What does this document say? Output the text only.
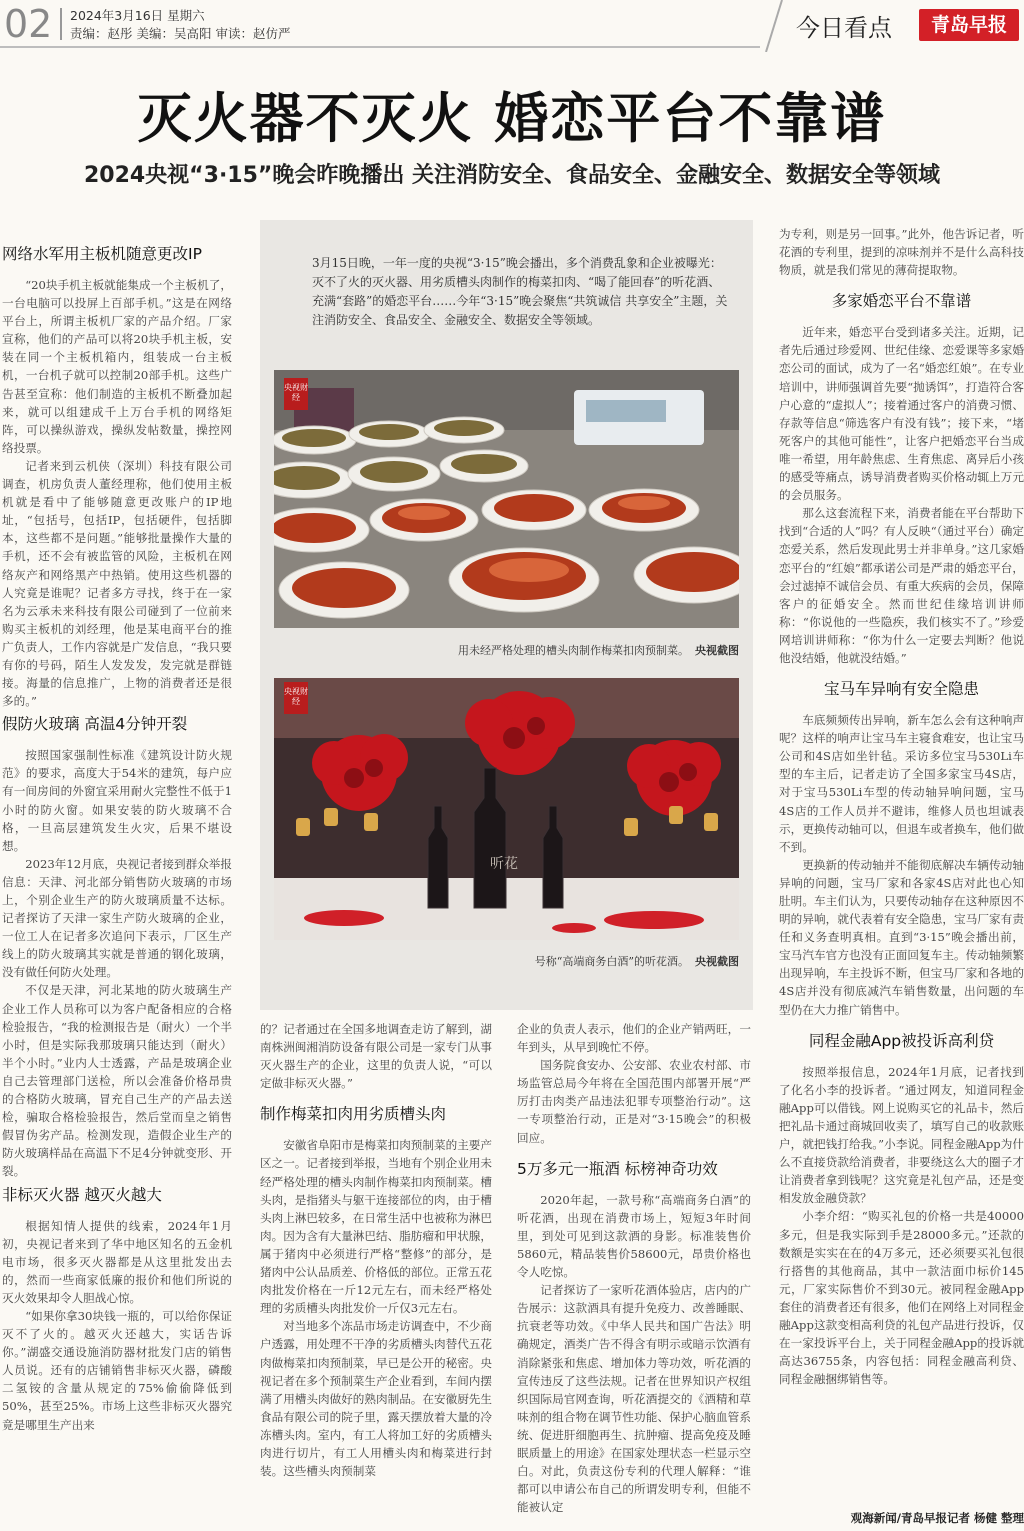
02 2024年3月16日 星期六
责编：赵彤 美编：吴高阳 审读：赵仿严	今日看点	青岛早报
灭火器不灭火 婚恋平台不靠谱
2024央视“3·15”晚会昨晚播出 关注消防安全、食品安全、金融安全、数据安全等领域
网络水军用主板机随意更改IP

“20块手机主板就能集成一个主板机了，一台电脑可以投屏上百部手机。”这是在网络平台上，所谓主板机厂家的产品介绍。厂家宣称，他们的产品可以将20块手机主板，安装在同一个主板机箱内，组装成一台主板机，一台机子就可以控制20部手机。这些广告甚至宣称：他们制造的主板机不断叠加起来，就可以组建成千上万台手机的网络矩阵，可以操纵游戏，操纵发帖数量，操控网络投票。

记者来到云机侠（深圳）科技有限公司调查，机房负责人董经理称，他们使用主板机就是看中了能够随意更改账户的IP地址，“包括号，包括IP，包括硬件，包括脚本，这些都不是问题。”能够批量操作大量的手机，还不会有被监管的风险，主板机在网络灰产和网络黑产中热销。使用这些机器的人究竟是谁呢？记者多方寻找，终于在一家名为云承未来科技有限公司碰到了一位前来购买主板机的刘经理，他是某电商平台的推广负责人，工作内容就是广发信息，“我只要有你的号码，陌生人发发发，发完就是群链接。海量的信息推广，上物的消费者还是很多的。”

假防火玻璃 高温4分钟开裂

按照国家强制性标准《建筑设计防火规范》的要求，高度大于54米的建筑，每户应有一间房间的外窗宜采用耐火完整性不低于1小时的防火窗。如果安装的防火玻璃不合格，一旦高层建筑发生火灾，后果不堪设想。

2023年12月底，央视记者接到群众举报信息：天津、河北部分销售防火玻璃的市场上，个别企业生产的防火玻璃质量不达标。记者探访了天津一家生产防火玻璃的企业，一位工人在记者多次追问下表示，厂区生产线上的防火玻璃其实就是普通的钢化玻璃，没有做任何防火处理。

不仅是天津，河北某地的防火玻璃生产企业工作人员称可以为客户配备相应的合格检验报告，“我的检测报告是（耐火）一个半小时，但是实际我那玻璃只能达到（耐火）半个小时。”业内人士透露，产品是玻璃企业自己去管理部门送检，所以会准备价格昂贵的合格防火玻璃，冒充自己生产的产品去送检，骗取合格检验报告，然后堂而皇之销售假冒伪劣产品。检测发现，造假企业生产的防火玻璃样品在高温下不足4分钟就变形、开裂。

非标灭火器 越灭火越大

根据知情人提供的线索，2024年1月初，央视记者来到了华中地区知名的五金机电市场，很多灭火器都是从这里批发出去的，然而一些商家低廉的报价和他们所说的灭火效果却令人胆战心惊。

“如果你拿30块钱一瓶的，可以给你保证灭不了火的。越灭火还越大，实话告诉你。”湖盛交通设施消防器材批发门店的销售人员说。还有的店铺销售非标灭火器，磷酸二氢铵的含量从规定的75%偷偷降低到50%，甚至25%。市场上这些非标灭火器究竟是哪里生产出来

3月15日晚，一年一度的央视“3·15”晚会播出，多个消费乱象和企业被曝光：灭不了火的灭火器、用劣质槽头肉制作的梅菜扣肉、“喝了能回春”的听花酒、充满“套路”的婚恋平台……今年“3·15”晚会聚焦“共筑诚信 共享安全”主题，关注消防安全、食品安全、金融安全、数据安全等领域。

央视财经
用未经严格处理的槽头肉制作梅菜扣肉预制菜。 央视截图
听花
央视财经
号称“高端商务白酒”的听花酒。 央视截图

的？记者通过在全国多地调查走访了解到，湖南株洲闽湘消防设备有限公司是一家专门从事灭火器生产的企业，这里的负责人说，“可以定做非标灭火器。”

制作梅菜扣肉用劣质槽头肉

安徽省阜阳市是梅菜扣肉预制菜的主要产区之一。记者接到举报，当地有个别企业用未经严格处理的槽头肉制作梅菜扣肉预制菜。槽头肉，是指猪头与躯干连接部位的肉，由于槽头肉上淋巴较多，在日常生活中也被称为淋巴肉。因为含有大量淋巴结、脂肪瘤和甲状腺，属于猪肉中必须进行严格“整修”的部分，是猪肉中公认品质差、价格低的部位。正常五花肉批发价格在一斤12元左右，而未经严格处理的劣质槽头肉批发价一斤仅3元左右。

对当地多个冻品市场走访调查中，不少商户透露，用处理不干净的劣质槽头肉替代五花肉做梅菜扣肉预制菜，早已是公开的秘密。央视记者在多个预制菜生产企业看到，车间内摆满了用槽头肉做好的熟肉制品。在安徽厨先生食品有限公司的院子里，露天摆放着大量的冷冻槽头肉。室内，有工人将加工好的劣质槽头肉进行切片，有工人用槽头肉和梅菜进行封装。这些槽头肉预制菜

企业的负责人表示，他们的企业产销两旺，一年到头，从早到晚忙不停。

国务院食安办、公安部、农业农村部、市场监管总局今年将在全国范围内部署开展“严厉打击肉类产品违法犯罪专项整治行动”。这一专项整治行动，正是对“3·15晚会”的积极回应。

5万多元一瓶酒 标榜神奇功效

2020年起，一款号称“高端商务白酒”的听花酒，出现在消费市场上，短短3年时间里，到处可见到这款酒的身影。标准装售价5860元，精品装售价58600元，昂贵价格也令人吃惊。

记者探访了一家听花酒体验店，店内的广告展示：这款酒具有提升免疫力、改善睡眠、抗衰老等功效。《中华人民共和国广告法》明确规定，酒类广告不得含有明示或暗示饮酒有消除紧张和焦虑、增加体力等功效，听花酒的宣传违反了这些法规。记者在世界知识产权组织国际局官网查询，听花酒提交的《酒精和草味剂的组合物在调节性功能、保护心脑血管系统、促进肝细胞再生、抗肿瘤、提高免疫及睡眠质量上的用途》在国家处理状态一栏显示空白。对此，负责这份专利的代理人解释：“谁都可以申请公布自己的所谓发明专利，但能不能被认定

为专利，则是另一回事。”此外，他告诉记者，听花酒的专利里，提到的凉味剂并不是什么高科技物质，就是我们常见的薄荷提取物。

多家婚恋平台不靠谱

近年来，婚恋平台受到诸多关注。近期，记者先后通过珍爱网、世纪佳缘、恋爱课等多家婚恋公司的面试，成为了一名“婚恋红娘”。在专业培训中，讲师强调首先要“抛诱饵”，打造符合客户心意的“虚拟人”；接着通过客户的消费习惯、存款等信息“筛选客户有没有钱”；接下来，“堵死客户的其他可能性”，让客户把婚恋平台当成唯一希望，用年龄焦虑、生育焦虑、离异后小孩的感受等痛点，诱导消费者购买价格动辄上万元的会员服务。

那么这套流程下来，消费者能在平台帮助下找到“合适的人”吗？有人反映“（通过平台）确定恋爱关系，然后发现此男士并非单身。”这几家婚恋平台的“红娘”都承诺公司是严肃的婚恋平台，会过滤掉不诚信会员、有重大疾病的会员，保障客户的征婚安全。然而世纪佳缘培训讲师称：“你说他的一些隐疾，我们核实不了。”珍爱网培训讲师称：“你为什么一定要去判断？他说他没结婚，他就没结婚。”

宝马车异响有安全隐患

车底频频传出异响，新车怎么会有这种响声呢？这样的响声让宝马车主寝食难安，也让宝马公司和4S店如坐针毡。采访多位宝马530Li车型的车主后，记者走访了全国多家宝马4S店，对于宝马530Li车型的传动轴异响问题，宝马4S店的工作人员并不避讳，维修人员也坦诚表示，更换传动轴可以，但退车或者换车，他们做不到。

更换新的传动轴并不能彻底解决车辆传动轴异响的问题，宝马厂家和各家4S店对此也心知肚明。车主们认为，只要传动轴存在这种原因不明的异响，就代表着有安全隐患，宝马厂家有责任和义务查明真相。直到“3·15”晚会播出前，宝马汽车官方也没有正面回复车主。传动轴频繁出现异响，车主投诉不断，但宝马厂家和各地的4S店并没有彻底减汽车销售数量，出问题的车型仍在大力推广销售中。

同程金融App被投诉高利贷

按照举报信息，2024年1月底，记者找到了化名小李的投诉者。“通过网友，知道同程金融App可以借钱。网上说购买它的礼品卡，然后把礼品卡通过商城回收卖了，填写自己的收款账户，就把钱打给我。”小李说。同程金融App为什么不直接贷款给消费者，非要绕这么大的圈子才让消费者拿到钱呢？这究竟是礼包产品，还是变相发放金融贷款？

小李介绍：“购买礼包的价格一共是40000多元，但是我实际到手是28000多元。”还款的数额是实实在在的4万多元，还必须要买礼包很行搭售的其他商品，其中一款洁面巾标价145元，厂家实际售价不到30元。被同程金融App套住的消费者还有很多，他们在网络上对同程金融App这款变相高利贷的礼包产品进行投诉，仅在一家投诉平台上，关于同程金融App的投诉就高达36755条，内容包括：同程金融高利贷、同程金融捆绑销售等。

观海新闻/青岛早报记者 杨健 整理
